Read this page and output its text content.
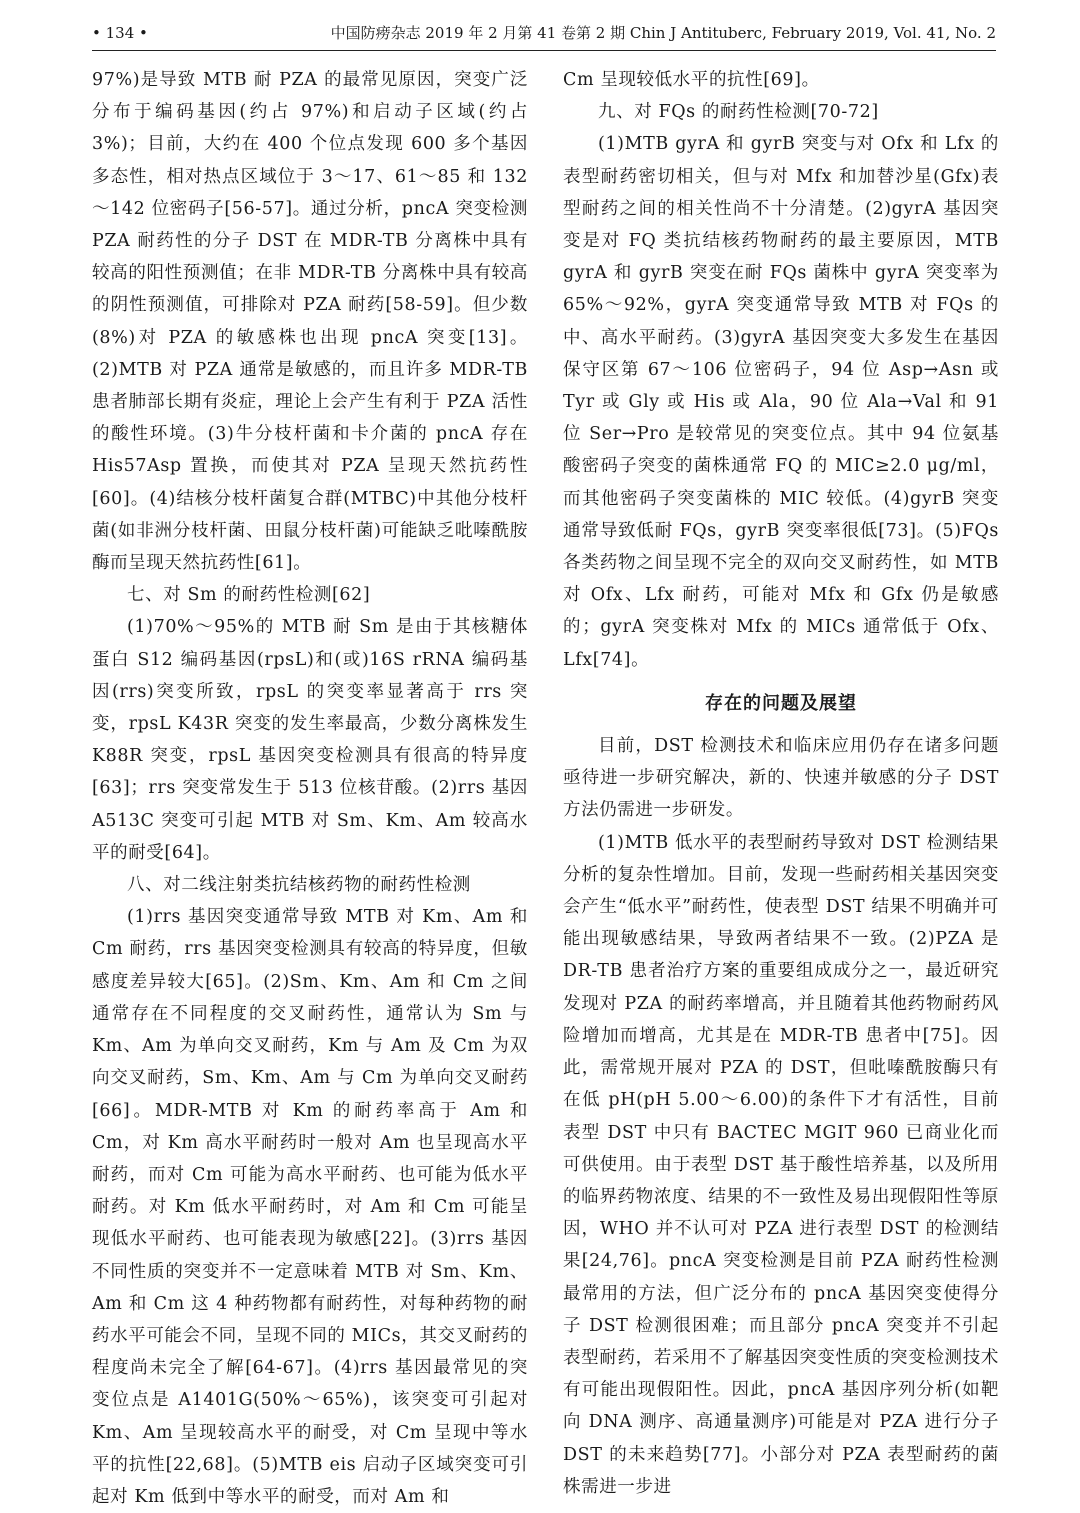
• 134 •	中国防痨杂志 2019 年 2 月第 41 卷第 2 期 Chin J Antituberc, February 2019, Vol. 41, No. 2

97%)是导致 MTB 耐 PZA 的最常见原因，突变广泛分布于编码基因(约占 97%)和启动子区域(约占 3%)；目前，大约在 400 个位点发现 600 多个基因多态性，相对热点区域位于 3～17、61～85 和 132～142 位密码子[56-57]。通过分析，pncA 突变检测 PZA 耐药性的分子 DST 在 MDR-TB 分离株中具有较高的阳性预测值；在非 MDR-TB 分离株中具有较高的阴性预测值，可排除对 PZA 耐药[58-59]。但少数(8%)对 PZA 的敏感株也出现 pncA 突变[13]。(2)MTB 对 PZA 通常是敏感的，而且许多 MDR-TB 患者肺部长期有炎症，理论上会产生有利于 PZA 活性的酸性环境。(3)牛分枝杆菌和卡介菌的 pncA 存在 His57Asp 置换，而使其对 PZA 呈现天然抗药性[60]。(4)结核分枝杆菌复合群(MTBC)中其他分枝杆菌(如非洲分枝杆菌、田鼠分枝杆菌)可能缺乏吡嗪酰胺酶而呈现天然抗药性[61]。

七、对 Sm 的耐药性检测[62]

(1)70%～95%的 MTB 耐 Sm 是由于其核糖体蛋白 S12 编码基因(rpsL)和(或)16S rRNA 编码基因(rrs)突变所致，rpsL 的突变率显著高于 rrs 突变，rpsL K43R 突变的发生率最高，少数分离株发生 K88R 突变，rpsL 基因突变检测具有很高的特异度[63]；rrs 突变常发生于 513 位核苷酸。(2)rrs 基因 A513C 突变可引起 MTB 对 Sm、Km、Am 较高水平的耐受[64]。

八、对二线注射类抗结核药物的耐药性检测

(1)rrs 基因突变通常导致 MTB 对 Km、Am 和 Cm 耐药，rrs 基因突变检测具有较高的特异度，但敏感度差异较大[65]。(2)Sm、Km、Am 和 Cm 之间通常存在不同程度的交叉耐药性，通常认为 Sm 与 Km、Am 为单向交叉耐药，Km 与 Am 及 Cm 为双向交叉耐药，Sm、Km、Am 与 Cm 为单向交叉耐药[66]。MDR-MTB 对 Km 的耐药率高于 Am 和 Cm，对 Km 高水平耐药时一般对 Am 也呈现高水平耐药，而对 Cm 可能为高水平耐药、也可能为低水平耐药。对 Km 低水平耐药时，对 Am 和 Cm 可能呈现低水平耐药、也可能表现为敏感[22]。(3)rrs 基因不同性质的突变并不一定意味着 MTB 对 Sm、Km、Am 和 Cm 这 4 种药物都有耐药性，对每种药物的耐药水平可能会不同，呈现不同的 MICs，其交叉耐药的程度尚未完全了解[64-67]。(4)rrs 基因最常见的突变位点是 A1401G(50%～65%)，该突变可引起对 Km、Am 呈现较高水平的耐受，对 Cm 呈现中等水平的抗性[22,68]。(5)MTB eis 启动子区域突变可引起对 Km 低到中等水平的耐受，而对 Am 和

Cm 呈现较低水平的抗性[69]。

九、对 FQs 的耐药性检测[70-72]

(1)MTB gyrA 和 gyrB 突变与对 Ofx 和 Lfx 的表型耐药密切相关，但与对 Mfx 和加替沙星(Gfx)表型耐药之间的相关性尚不十分清楚。(2)gyrA 基因突变是对 FQ 类抗结核药物耐药的最主要原因，MTB gyrA 和 gyrB 突变在耐 FQs 菌株中 gyrA 突变率为 65%～92%，gyrA 突变通常导致 MTB 对 FQs 的中、高水平耐药。(3)gyrA 基因突变大多发生在基因保守区第 67～106 位密码子，94 位 Asp→Asn 或 Tyr 或 Gly 或 His 或 Ala，90 位 Ala→Val 和 91 位 Ser→Pro 是较常见的突变位点。其中 94 位氨基酸密码子突变的菌株通常 FQ 的 MIC≥2.0 μg/ml，而其他密码子突变菌株的 MIC 较低。(4)gyrB 突变通常导致低耐 FQs，gyrB 突变率很低[73]。(5)FQs 各类药物之间呈现不完全的双向交叉耐药性，如 MTB 对 Ofx、Lfx 耐药，可能对 Mfx 和 Gfx 仍是敏感的；gyrA 突变株对 Mfx 的 MICs 通常低于 Ofx、Lfx[74]。

存在的问题及展望

目前，DST 检测技术和临床应用仍存在诸多问题亟待进一步研究解决，新的、快速并敏感的分子 DST 方法仍需进一步研发。

(1)MTB 低水平的表型耐药导致对 DST 检测结果分析的复杂性增加。目前，发现一些耐药相关基因突变会产生“低水平”耐药性，使表型 DST 结果不明确并可能出现敏感结果，导致两者结果不一致。(2)PZA 是 DR-TB 患者治疗方案的重要组成成分之一，最近研究发现对 PZA 的耐药率增高，并且随着其他药物耐药风险增加而增高，尤其是在 MDR-TB 患者中[75]。因此，需常规开展对 PZA 的 DST，但吡嗪酰胺酶只有在低 pH(pH 5.00～6.00)的条件下才有活性，目前表型 DST 中只有 BACTEC MGIT 960 已商业化而可供使用。由于表型 DST 基于酸性培养基，以及所用的临界药物浓度、结果的不一致性及易出现假阳性等原因，WHO 并不认可对 PZA 进行表型 DST 的检测结果[24,76]。pncA 突变检测是目前 PZA 耐药性检测最常用的方法，但广泛分布的 pncA 基因突变使得分子 DST 检测很困难；而且部分 pncA 突变并不引起表型耐药，若采用不了解基因突变性质的突变检测技术有可能出现假阳性。因此，pncA 基因序列分析(如靶向 DNA 测序、高通量测序)可能是对 PZA 进行分子 DST 的未来趋势[77]。小部分对 PZA 表型耐药的菌株需进一步进
